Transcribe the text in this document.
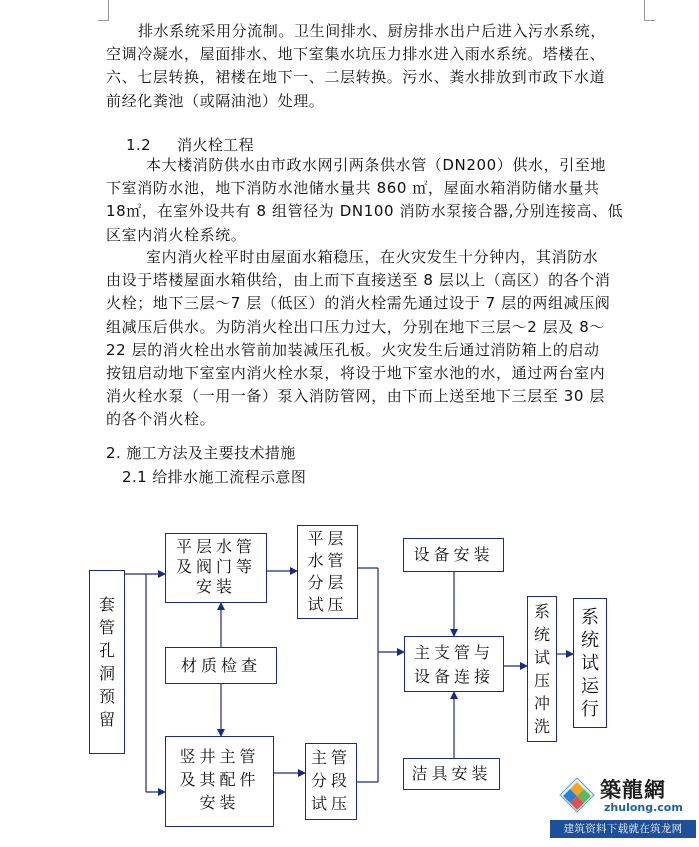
排水系统采用分流制。卫生间排水、厨房排水出户后进入污水系统，
空调冷凝水，屋面排水、地下室集水坑压力排水进入雨水系统。塔楼在、
六、七层转换，裙楼在地下一、二层转换。污水、粪水排放到市政下水道
前经化粪池（或隔油池）处理。
1.2 消火栓工程
本大楼消防供水由市政水网引两条供水管（DN200）供水，引至地
下室消防水池，地下消防水池储水量共 860 ㎡，屋面水箱消防储水量共
18㎡，在室外设共有 8 组管径为 DN100 消防水泵接合器,分别连接高、低
区室内消火栓系统。
室内消火栓平时由屋面水箱稳压，在火灾发生十分钟内，其消防水
由设于塔楼屋面水箱供给，由上而下直接送至 8 层以上（高区）的各个消
火栓；地下三层～7 层（低区）的消火栓需先通过设于 7 层的两组减压阀
组减压后供水。为防消火栓出口压力过大，分别在地下三层～2 层及 8～
22 层的消火栓出水管前加装减压孔板。火灾发生后通过消防箱上的启动
按钮启动地下室室内消火栓水泵，将设于地下室水池的水，通过两台室内
消火栓水泵（一用一备）泵入消防管网，由下而上送至地下三层至 30 层
的各个消火栓。
2. 施工方法及主要技术措施
2.1 给排水施工流程示意图
套
管
孔
洞
预
留
平层水管
及阀门等
安装
平层
水管
分层
试压
材质检查
竖井主管
及其配件
安装
主管
分段
试压
设备安装
主支管与
设备连接
洁具安装
系
统
试
压
冲
洗
系
统
试
运
行
築龍網
zhulong.com
建筑资料下载就在筑龙网
